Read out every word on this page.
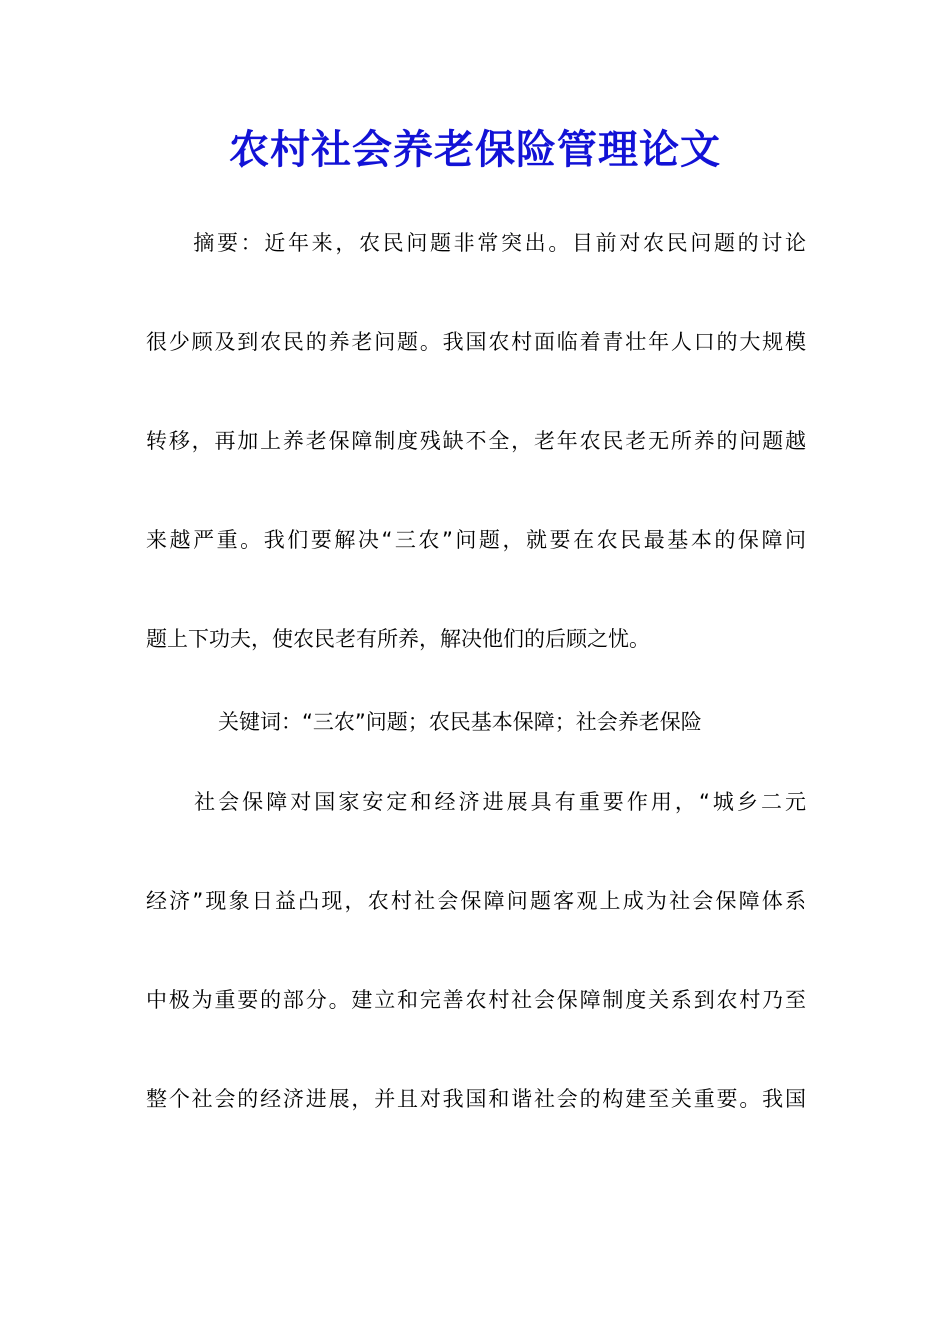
农村社会养老保险管理论文
　　摘要：近年来，农民问题非常突出。目前对农民问题的讨论
很少顾及到农民的养老问题。我国农村面临着青壮年人口的大规模
转移，再加上养老保障制度残缺不全，老年农民老无所养的问题越
来越严重。我们要解决“三农”问题，就要在农民最基本的保障问
题上下功夫，使农民老有所养，解决他们的后顾之忧。
关键词：“三农”问题；农民基本保障；社会养老保险
　　社会保障对国家安定和经济进展具有重要作用，“城乡二元
经济”现象日益凸现，农村社会保障问题客观上成为社会保障体系
中极为重要的部分。建立和完善农村社会保障制度关系到农村乃至
整个社会的经济进展，并且对我国和谐社会的构建至关重要。我国
